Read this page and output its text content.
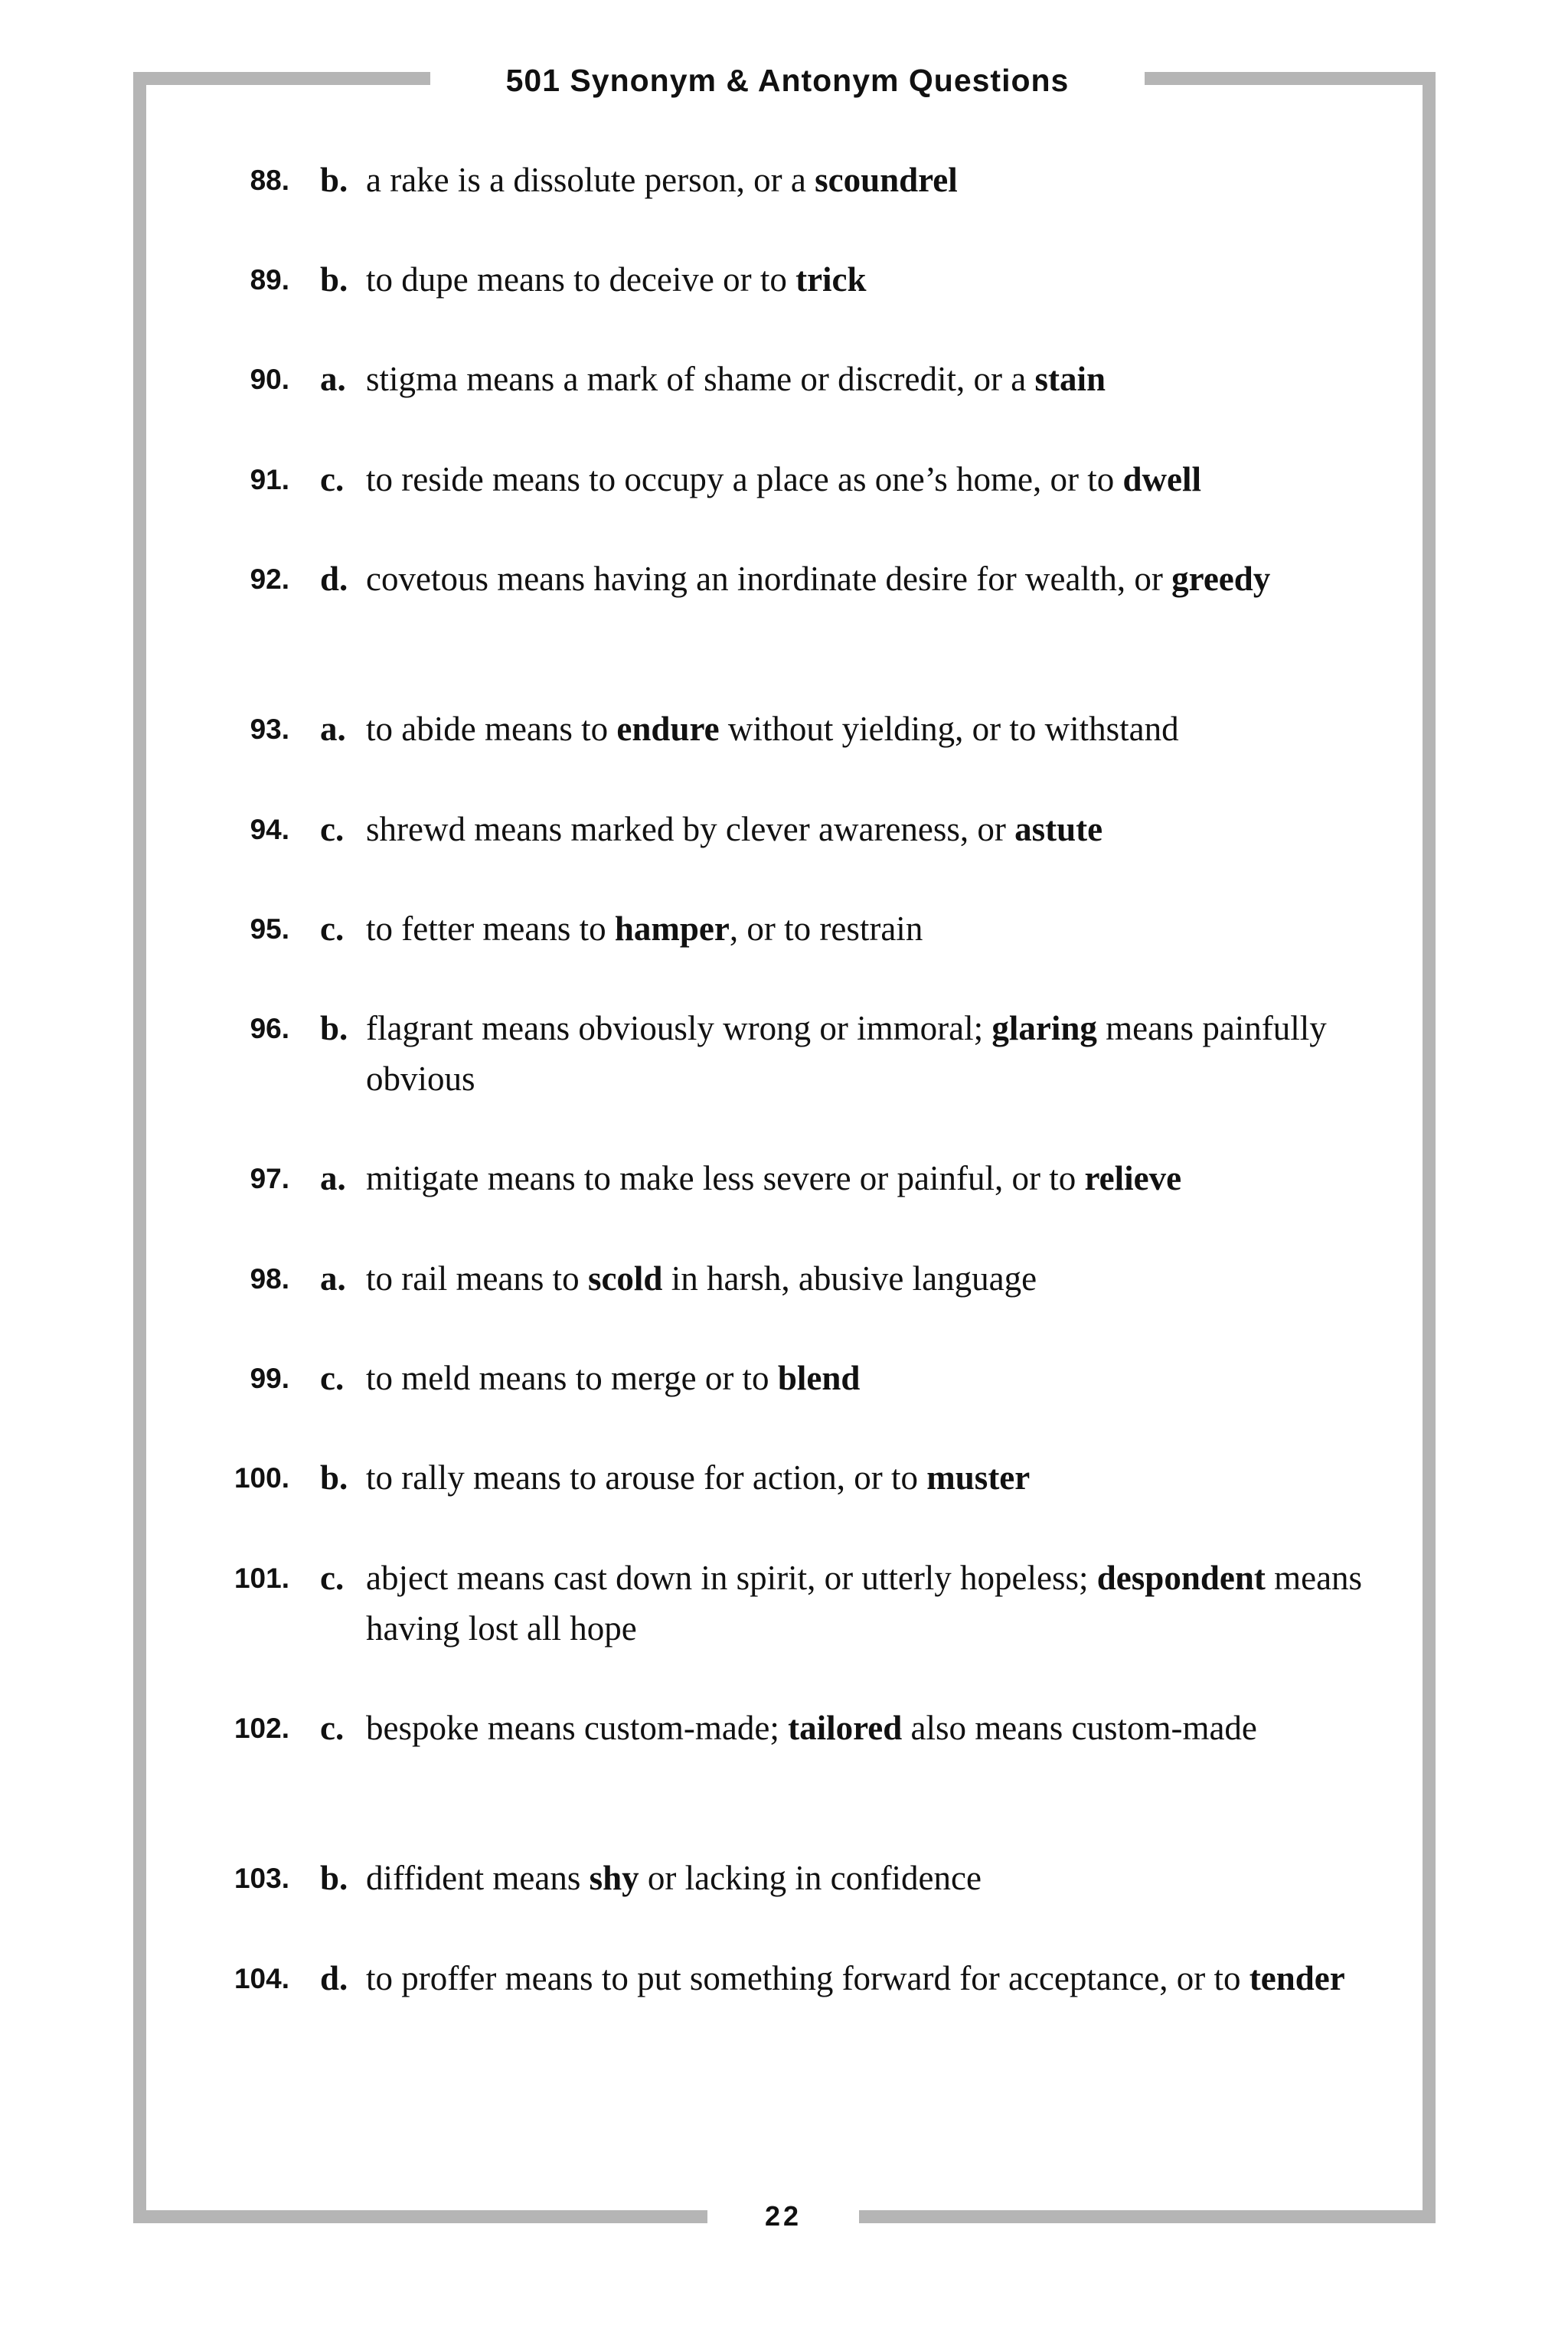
501 Synonym & Antonym Questions
88. b. a rake is a dissolute person, or a scoundrel
89. b. to dupe means to deceive or to trick
90. a. stigma means a mark of shame or discredit, or a stain
91. c. to reside means to occupy a place as one’s home, or to dwell
92. d. covetous means having an inordinate desire for wealth, or greedy
93. a. to abide means to endure without yielding, or to withstand
94. c. shrewd means marked by clever awareness, or astute
95. c. to fetter means to hamper, or to restrain
96. b. flagrant means obviously wrong or immoral; glaring means painfully obvious
97. a. mitigate means to make less severe or painful, or to relieve
98. a. to rail means to scold in harsh, abusive language
99. c. to meld means to merge or to blend
100. b. to rally means to arouse for action, or to muster
101. c. abject means cast down in spirit, or utterly hopeless; despondent means having lost all hope
102. c. bespoke means custom-made; tailored also means custom-made
103. b. diffident means shy or lacking in confidence
104. d. to proffer means to put something forward for acceptance, or to tender
22
